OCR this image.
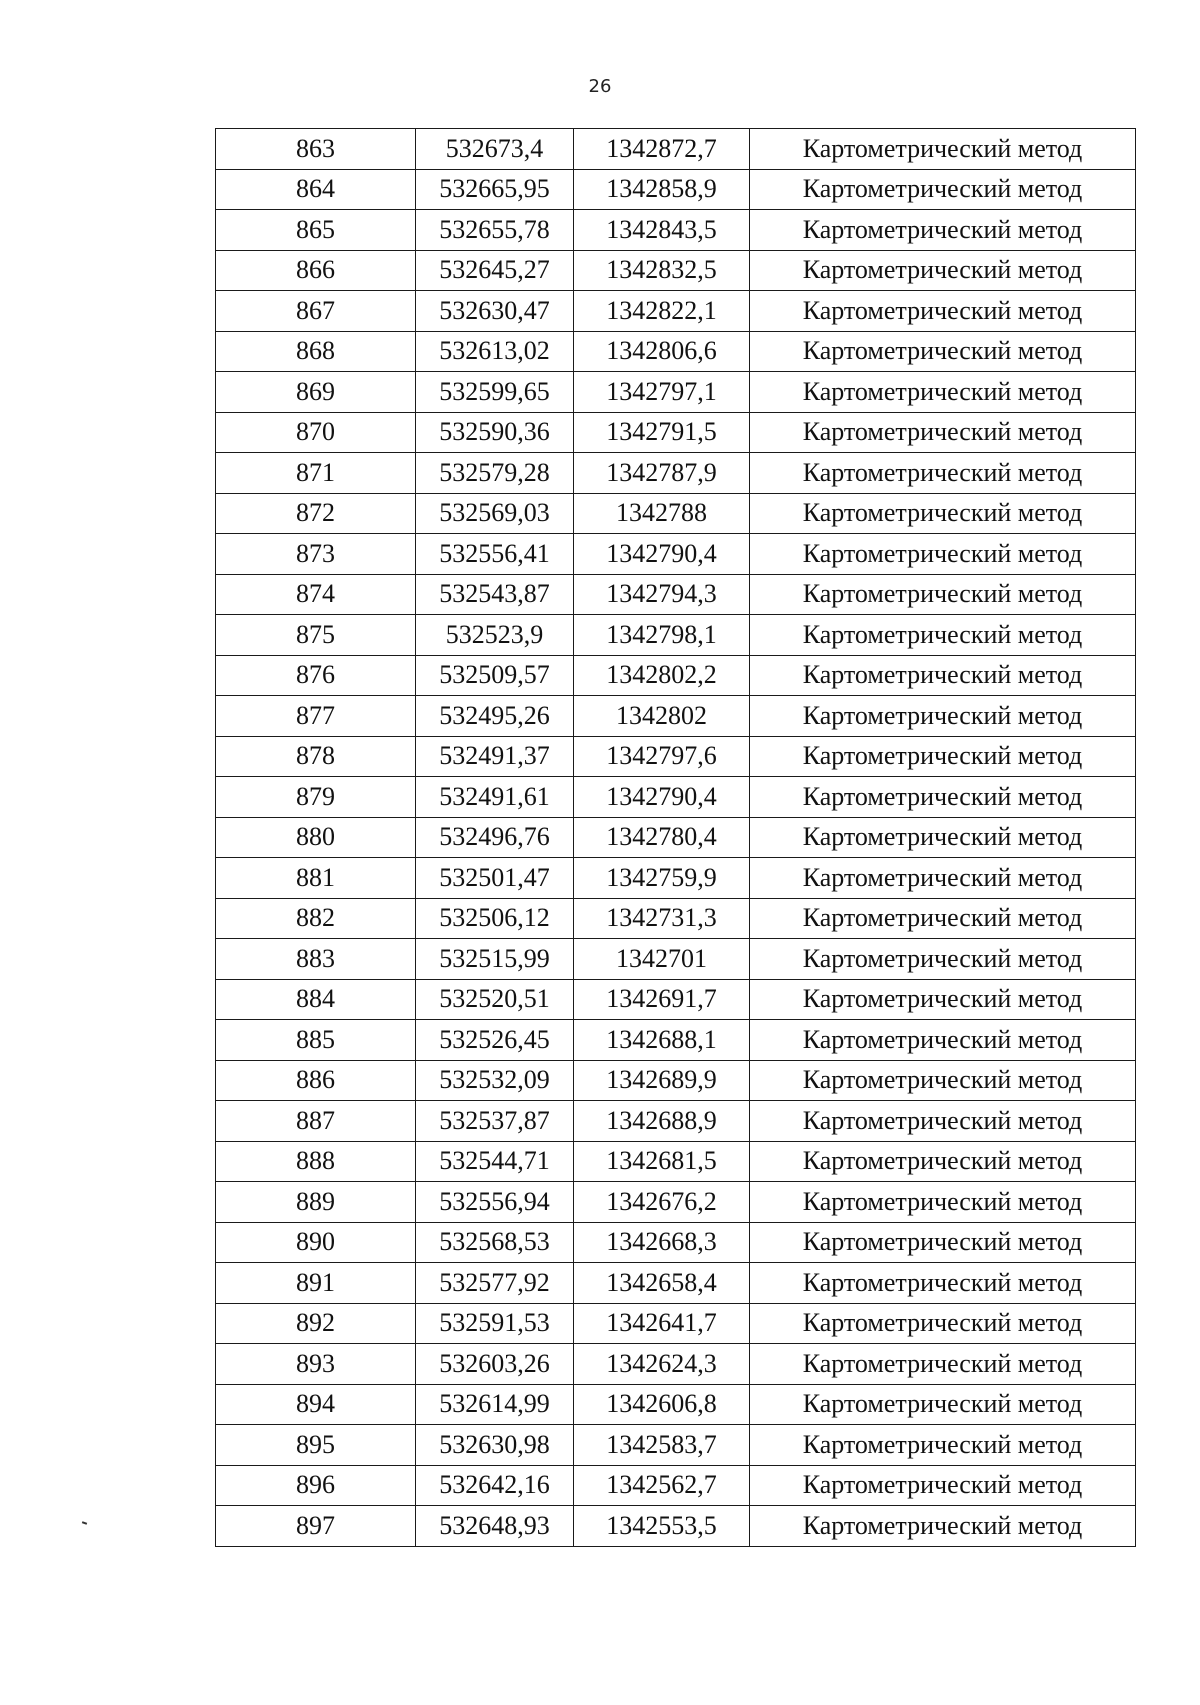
26
863	532673,4	1342872,7	Картометрический метод
864	532665,95	1342858,9	Картометрический метод
865	532655,78	1342843,5	Картометрический метод
866	532645,27	1342832,5	Картометрический метод
867	532630,47	1342822,1	Картометрический метод
868	532613,02	1342806,6	Картометрический метод
869	532599,65	1342797,1	Картометрический метод
870	532590,36	1342791,5	Картометрический метод
871	532579,28	1342787,9	Картометрический метод
872	532569,03	1342788	Картометрический метод
873	532556,41	1342790,4	Картометрический метод
874	532543,87	1342794,3	Картометрический метод
875	532523,9	1342798,1	Картометрический метод
876	532509,57	1342802,2	Картометрический метод
877	532495,26	1342802	Картометрический метод
878	532491,37	1342797,6	Картометрический метод
879	532491,61	1342790,4	Картометрический метод
880	532496,76	1342780,4	Картометрический метод
881	532501,47	1342759,9	Картометрический метод
882	532506,12	1342731,3	Картометрический метод
883	532515,99	1342701	Картометрический метод
884	532520,51	1342691,7	Картометрический метод
885	532526,45	1342688,1	Картометрический метод
886	532532,09	1342689,9	Картометрический метод
887	532537,87	1342688,9	Картометрический метод
888	532544,71	1342681,5	Картометрический метод
889	532556,94	1342676,2	Картометрический метод
890	532568,53	1342668,3	Картометрический метод
891	532577,92	1342658,4	Картометрический метод
892	532591,53	1342641,7	Картометрический метод
893	532603,26	1342624,3	Картометрический метод
894	532614,99	1342606,8	Картометрический метод
895	532630,98	1342583,7	Картометрический метод
896	532642,16	1342562,7	Картометрический метод
897	532648,93	1342553,5	Картометрический метод
